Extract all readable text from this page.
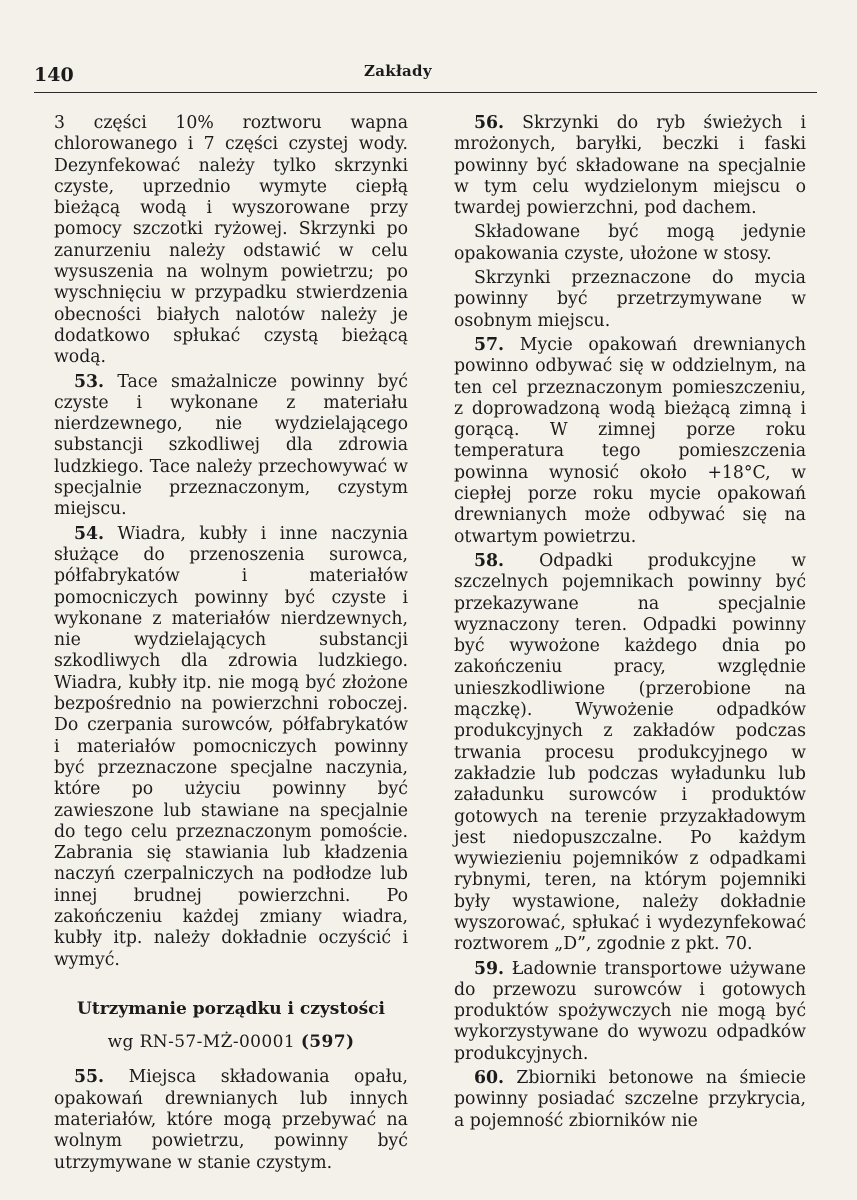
140	Zakłady

3 części 10% roztworu wapna chlorowanego i 7 części czystej wody. Dezynfekować należy tylko skrzynki czyste, uprzednio wymyte ciepłą bieżącą wodą i wyszorowane przy pomocy szczotki ryżowej. Skrzynki po zanurzeniu należy odstawić w celu wysuszenia na wolnym powietrzu; po wyschnięciu w przypadku stwierdzenia obecności białych nalotów należy je dodatkowo spłukać czystą bieżącą wodą.

53. Tace smażalnicze powinny być czyste i wykonane z materiału nierdzewnego, nie wydzielającego substancji szkodliwej dla zdrowia ludzkiego. Tace należy przechowywać w specjalnie przeznaczonym, czystym miejscu.

54. Wiadra, kubły i inne naczynia służące do przenoszenia surowca, półfabrykatów i materiałów pomocniczych powinny być czyste i wykonane z materiałów nierdzewnych, nie wydzielających substancji szkodliwych dla zdrowia ludzkiego. Wiadra, kubły itp. nie mogą być złożone bezpośrednio na powierzchni roboczej. Do czerpania surowców, półfabrykatów i materiałów pomocniczych powinny być przeznaczone specjalne naczynia, które po użyciu powinny być zawieszone lub stawiane na specjalnie do tego celu przeznaczonym pomoście. Zabrania się stawiania lub kładzenia naczyń czerpalniczych na podłodze lub innej brudnej powierzchni. Po zakończeniu każdej zmiany wiadra, kubły itp. należy dokładnie oczyścić i wymyć.

Utrzymanie porządku i czystości
wg RN-57-MŻ-00001 (597)

55. Miejsca składowania opału, opakowań drewnianych lub innych materiałów, które mogą przebywać na wolnym powietrzu, powinny być utrzymywane w stanie czystym.

56. Skrzynki do ryb świeżych i mrożonych, baryłki, beczki i faski powinny być składowane na specjalnie w tym celu wydzielonym miejscu o twardej powierzchni, pod dachem.

Składowane być mogą jedynie opakowania czyste, ułożone w stosy.

Skrzynki przeznaczone do mycia powinny być przetrzymywane w osobnym miejscu.

57. Mycie opakowań drewnianych powinno odbywać się w oddzielnym, na ten cel przeznaczonym pomieszczeniu, z doprowadzoną wodą bieżącą zimną i gorącą. W zimnej porze roku temperatura tego pomieszczenia powinna wynosić około +18°C, w ciepłej porze roku mycie opakowań drewnianych może odbywać się na otwartym powietrzu.

58. Odpadki produkcyjne w szczelnych pojemnikach powinny być przekazywane na specjalnie wyznaczony teren. Odpadki powinny być wywożone każdego dnia po zakończeniu pracy, względnie unieszkodliwione (przerobione na mączkę). Wywożenie odpadków produkcyjnych z zakładów podczas trwania procesu produkcyjnego w zakładzie lub podczas wyładunku lub załadunku surowców i produktów gotowych na terenie przyzakładowym jest niedopuszczalne. Po każdym wywiezieniu pojemników z odpadkami rybnymi, teren, na którym pojemniki były wystawione, należy dokładnie wyszorować, spłukać i wydezynfekować roztworem „D”, zgodnie z pkt. 70.

59. Ładownie transportowe używane do przewozu surowców i gotowych produktów spożywczych nie mogą być wykorzystywane do wywozu odpadków produkcyjnych.

60. Zbiorniki betonowe na śmiecie powinny posiadać szczelne przykrycia, a pojemność zbiorników nie
